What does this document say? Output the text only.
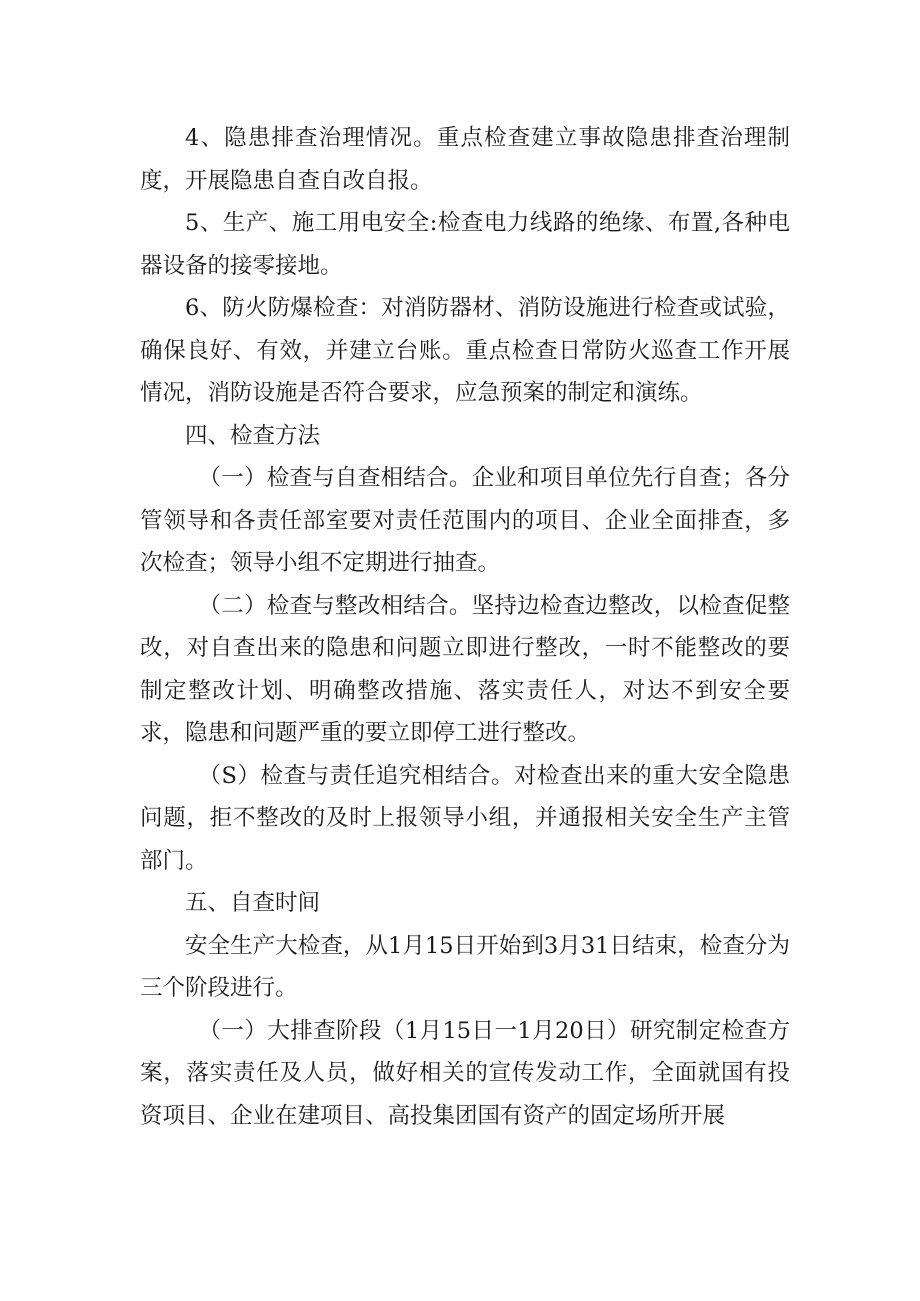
4、隐患排查治理情况。重点检查建立事故隐患排查治理制度，开展隐患自查自改自报。

5、生产、施工用电安全:检查电力线路的绝缘、布置,各种电器设备的接零接地。

6、防火防爆检查：对消防器材、消防设施进行检查或试验，确保良好、有效，并建立台账。重点检查日常防火巡查工作开展情况，消防设施是否符合要求，应急预案的制定和演练。

四、检查方法

（一）检查与自查相结合。企业和项目单位先行自查；各分管领导和各责任部室要对责任范围内的项目、企业全面排查，多次检查；领导小组不定期进行抽查。

（二）检查与整改相结合。坚持边检查边整改，以检查促整改，对自查出来的隐患和问题立即进行整改，一时不能整改的要制定整改计划、明确整改措施、落实责任人，对达不到安全要求，隐患和问题严重的要立即停工进行整改。

（S）检查与责任追究相结合。对检查出来的重大安全隐患问题，拒不整改的及时上报领导小组，并通报相关安全生产主管部门。

五、自查时间

安全生产大检查，从1月15日开始到3月31日结束，检查分为三个阶段进行。

（一）大排查阶段（1月15日一1月20日）研究制定检查方案，落实责任及人员，做好相关的宣传发动工作，全面就国有投资项目、企业在建项目、高投集团国有资产的固定场所开展
